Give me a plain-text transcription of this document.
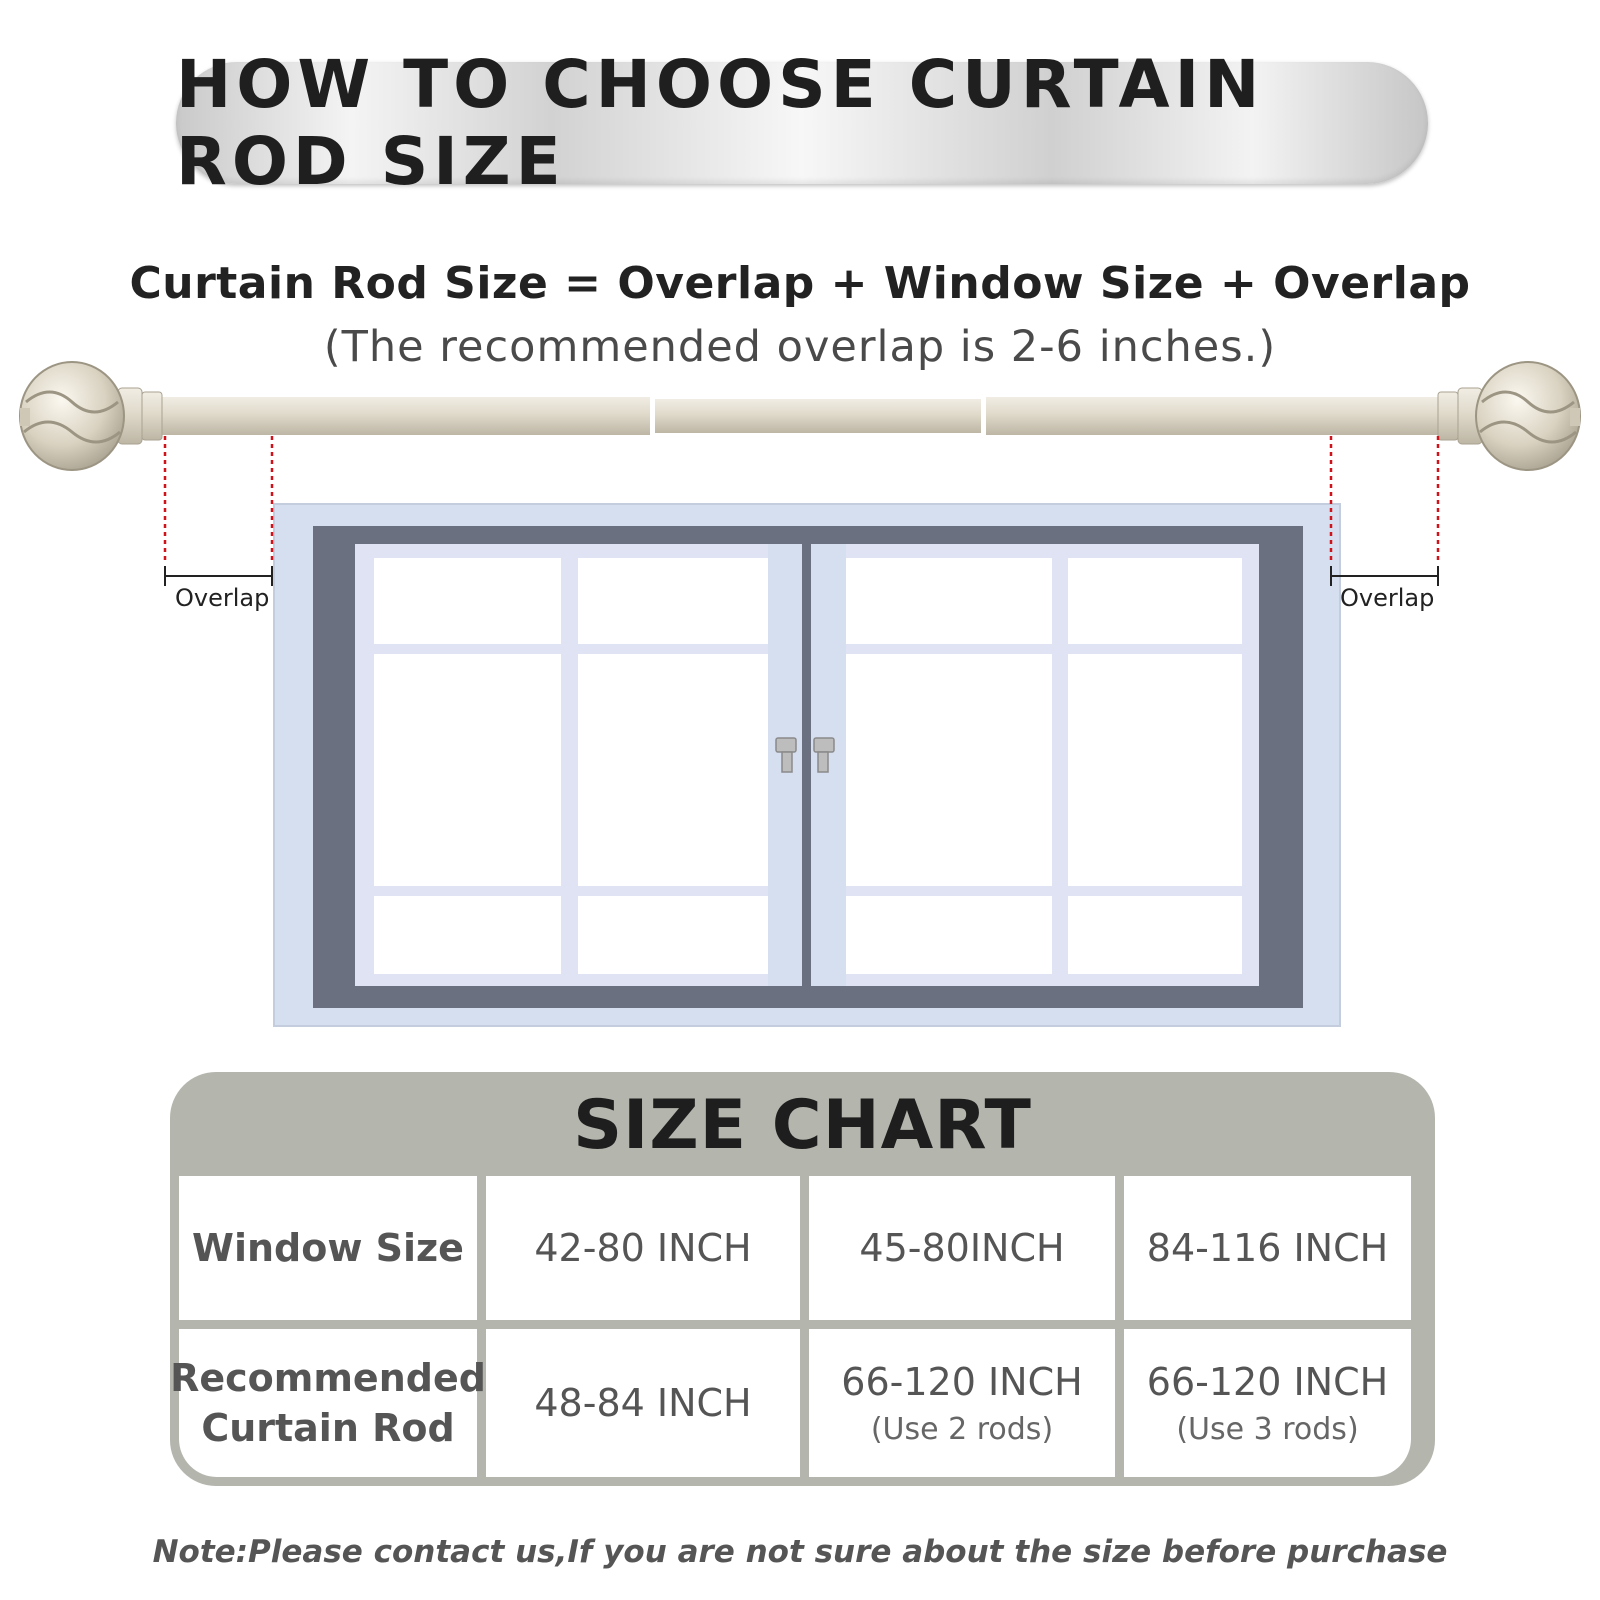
HOW TO CHOOSE CURTAIN ROD SIZE
Curtain Rod Size = Overlap + Window Size + Overlap
(The recommended overlap is 2-6 inches.)
Overlap	Overlap
SIZE CHART
Window Size 42-80 INCH	45-80INCH 84-116 INCH
Recommended
Curtain Rod
48-84 INCH 66-120 INCH
(Use 2 rods)
66-120 INCH
(Use 3 rods)
Note:Please contact us,If you are not sure about the size before purchase
